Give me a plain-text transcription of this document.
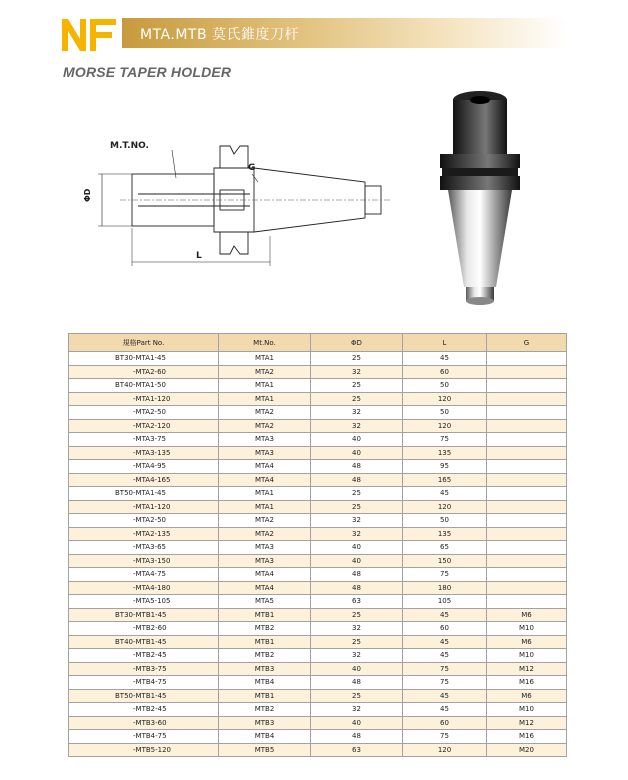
MTA.MTB 莫氏錐度刀杆
MORSE TAPER HOLDER
M.T.NO.
G
ΦD
L
規格Part No.	Mt.No.	ΦD	L	G
BT30-MTA1-45	MTA1	25	45	
-MTA2-60	MTA2	32	60	
BT40-MTA1-50	MTA1	25	50	
-MTA1-120	MTA1	25	120	
-MTA2-50	MTA2	32	50	
-MTA2-120	MTA2	32	120	
-MTA3-75	MTA3	40	75	
-MTA3-135	MTA3	40	135	
-MTA4-95	MTA4	48	95	
-MTA4-165	MTA4	48	165	
BT50-MTA1-45	MTA1	25	45	
-MTA1-120	MTA1	25	120	
-MTA2-50	MTA2	32	50	
-MTA2-135	MTA2	32	135	
-MTA3-65	MTA3	40	65	
-MTA3-150	MTA3	40	150	
-MTA4-75	MTA4	48	75	
-MTA4-180	MTA4	48	180	
-MTA5-105	MTA5	63	105	
BT30-MTB1-45	MTB1	25	45	M6
-MTB2-60	MTB2	32	60	M10
BT40-MTB1-45	MTB1	25	45	M6
-MTB2-45	MTB2	32	45	M10
-MTB3-75	MTB3	40	75	M12
-MTB4-75	MTB4	48	75	M16
BT50-MTB1-45	MTB1	25	45	M6
-MTB2-45	MTB2	32	45	M10
-MTB3-60	MTB3	40	60	M12
-MTB4-75	MTB4	48	75	M16
-MTB5-120	MTB5	63	120	M20
